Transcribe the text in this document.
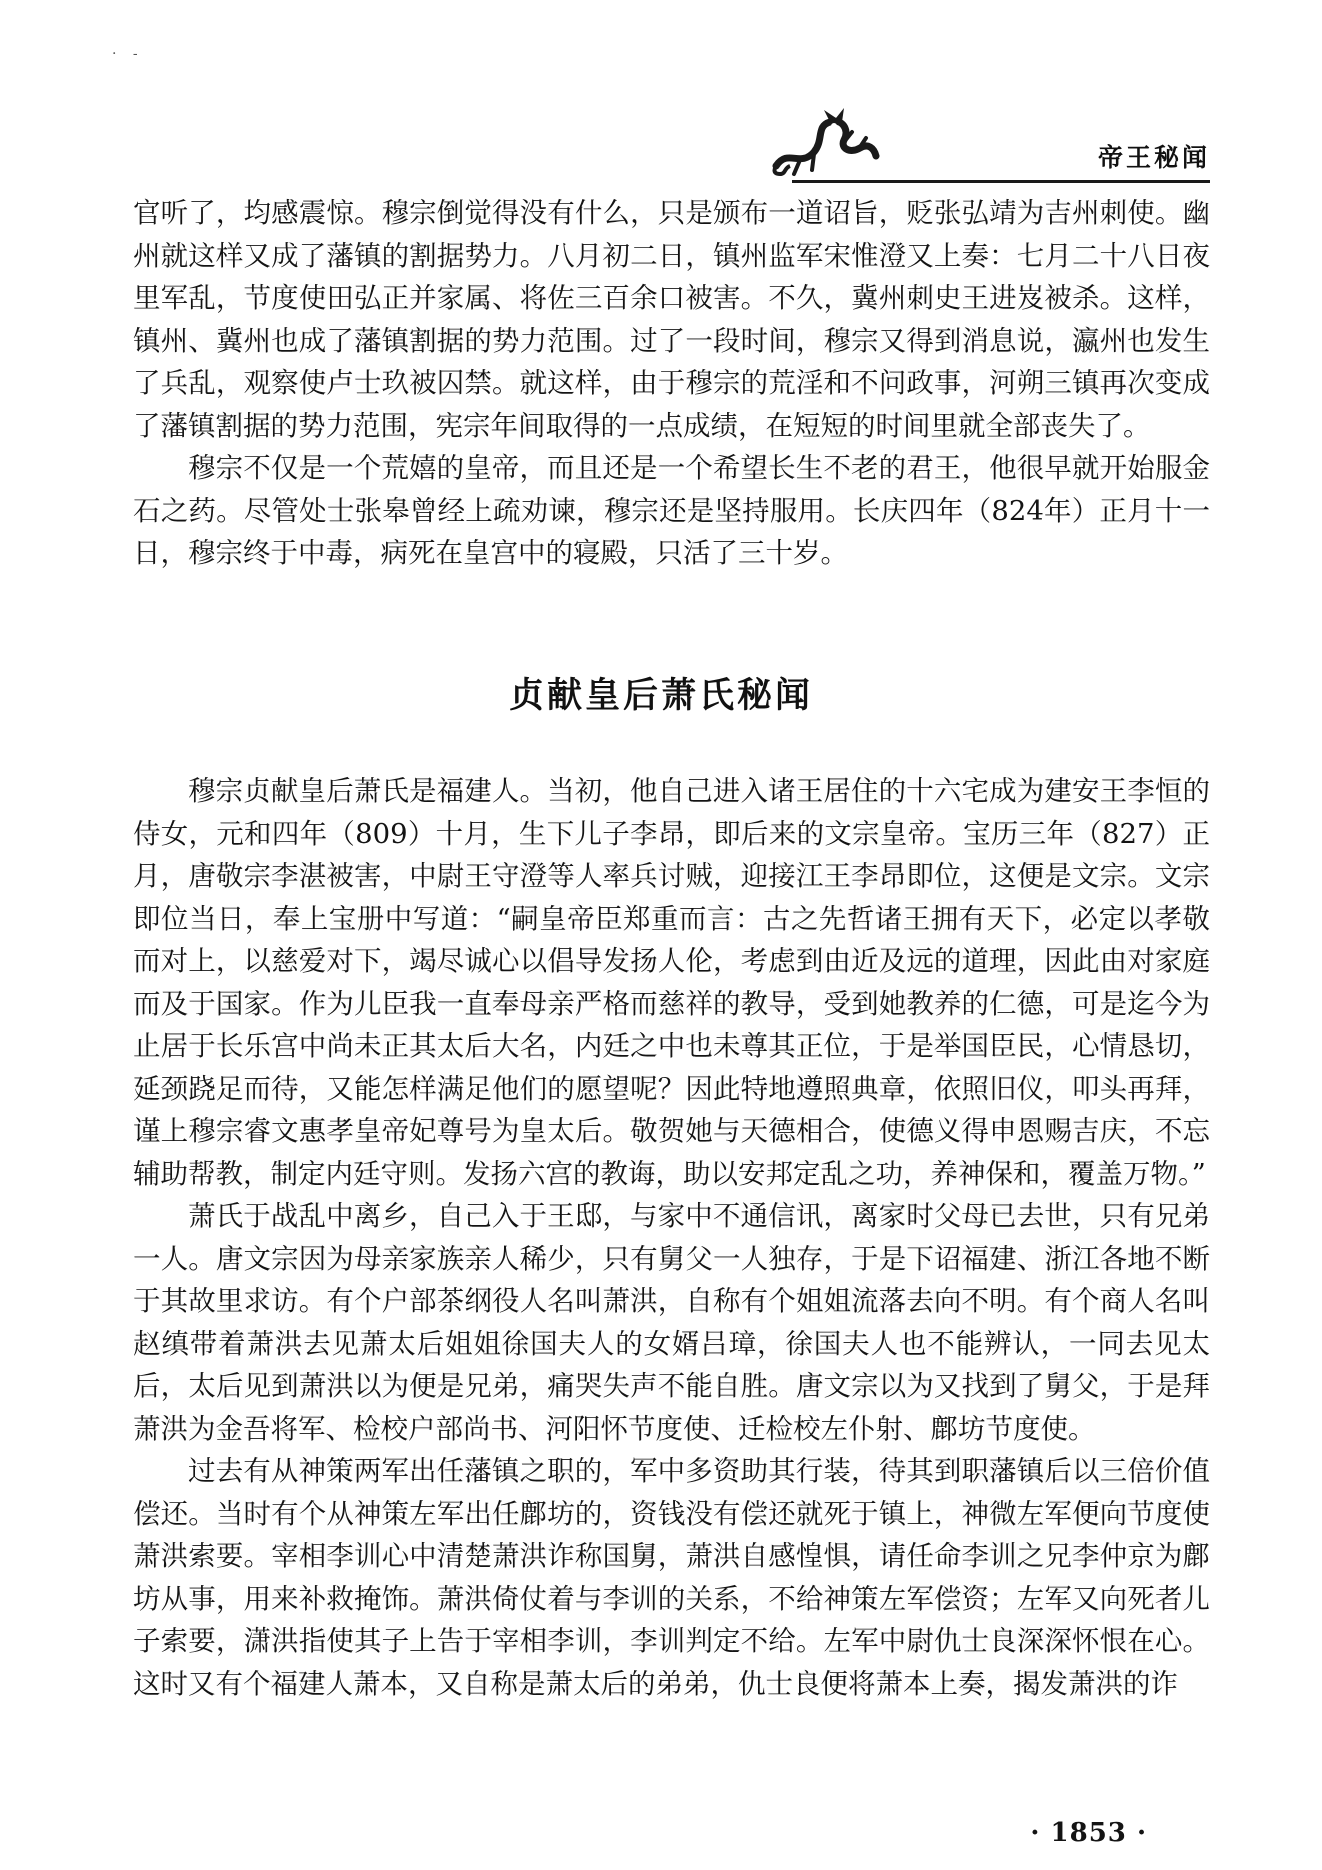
· -
帝王秘闻

官听了，均感震惊。穆宗倒觉得没有什么，只是颁布一道诏旨，贬张弘靖为吉州刺使。幽州就这样又成了藩镇的割据势力。八月初二日，镇州监军宋惟澄又上奏：七月二十八日夜里军乱，节度使田弘正并家属、将佐三百余口被害。不久，冀州刺史王进岌被杀。这样，镇州、冀州也成了藩镇割据的势力范围。过了一段时间，穆宗又得到消息说，瀛州也发生了兵乱，观察使卢士玖被囚禁。就这样，由于穆宗的荒淫和不问政事，河朔三镇再次变成了藩镇割据的势力范围，宪宗年间取得的一点成绩，在短短的时间里就全部丧失了。

穆宗不仅是一个荒嬉的皇帝，而且还是一个希望长生不老的君王，他很早就开始服金石之药。尽管处士张皋曾经上疏劝谏，穆宗还是坚持服用。长庆四年（824年）正月十一日，穆宗终于中毒，病死在皇宫中的寝殿，只活了三十岁。

贞献皇后萧氏秘闻

穆宗贞献皇后萧氏是福建人。当初，他自己进入诸王居住的十六宅成为建安王李恒的侍女，元和四年（809）十月，生下儿子李昂，即后来的文宗皇帝。宝历三年（827）正月，唐敬宗李湛被害，中尉王守澄等人率兵讨贼，迎接江王李昂即位，这便是文宗。文宗即位当日，奉上宝册中写道：“嗣皇帝臣郑重而言：古之先哲诸王拥有天下，必定以孝敬而对上，以慈爱对下，竭尽诚心以倡导发扬人伦，考虑到由近及远的道理，因此由对家庭而及于国家。作为儿臣我一直奉母亲严格而慈祥的教导，受到她教养的仁德，可是迄今为止居于长乐宫中尚未正其太后大名，内廷之中也未尊其正位，于是举国臣民，心情恳切，延颈跷足而待，又能怎样满足他们的愿望呢？因此特地遵照典章，依照旧仪，叩头再拜，谨上穆宗睿文惠孝皇帝妃尊号为皇太后。敬贺她与天德相合，使德义得申恩赐吉庆，不忘辅助帮教，制定内廷守则。发扬六宫的教诲，助以安邦定乱之功，养神保和，覆盖万物。”

萧氏于战乱中离乡，自己入于王邸，与家中不通信讯，离家时父母已去世，只有兄弟一人。唐文宗因为母亲家族亲人稀少，只有舅父一人独存，于是下诏福建、浙江各地不断于其故里求访。有个户部茶纲役人名叫萧洪，自称有个姐姐流落去向不明。有个商人名叫赵缜带着萧洪去见萧太后姐姐徐国夫人的女婿吕璋，徐国夫人也不能辨认，一同去见太后，太后见到萧洪以为便是兄弟，痛哭失声不能自胜。唐文宗以为又找到了舅父，于是拜萧洪为金吾将军、检校户部尚书、河阳怀节度使、迁检校左仆射、鄜坊节度使。

过去有从神策两军出任藩镇之职的，军中多资助其行装，待其到职藩镇后以三倍价值偿还。当时有个从神策左军出任鄜坊的，资钱没有偿还就死于镇上，神微左军便向节度使萧洪索要。宰相李训心中清楚萧洪诈称国舅，萧洪自感惶惧，请任命李训之兄李仲京为鄜坊从事，用来补救掩饰。萧洪倚仗着与李训的关系，不给神策左军偿资；左军又向死者儿子索要，潇洪指使其子上告于宰相李训，李训判定不给。左军中尉仇士良深深怀恨在心。这时又有个福建人萧本，又自称是萧太后的弟弟，仇士良便将萧本上奏，揭发萧洪的诈

· 1853 ·
